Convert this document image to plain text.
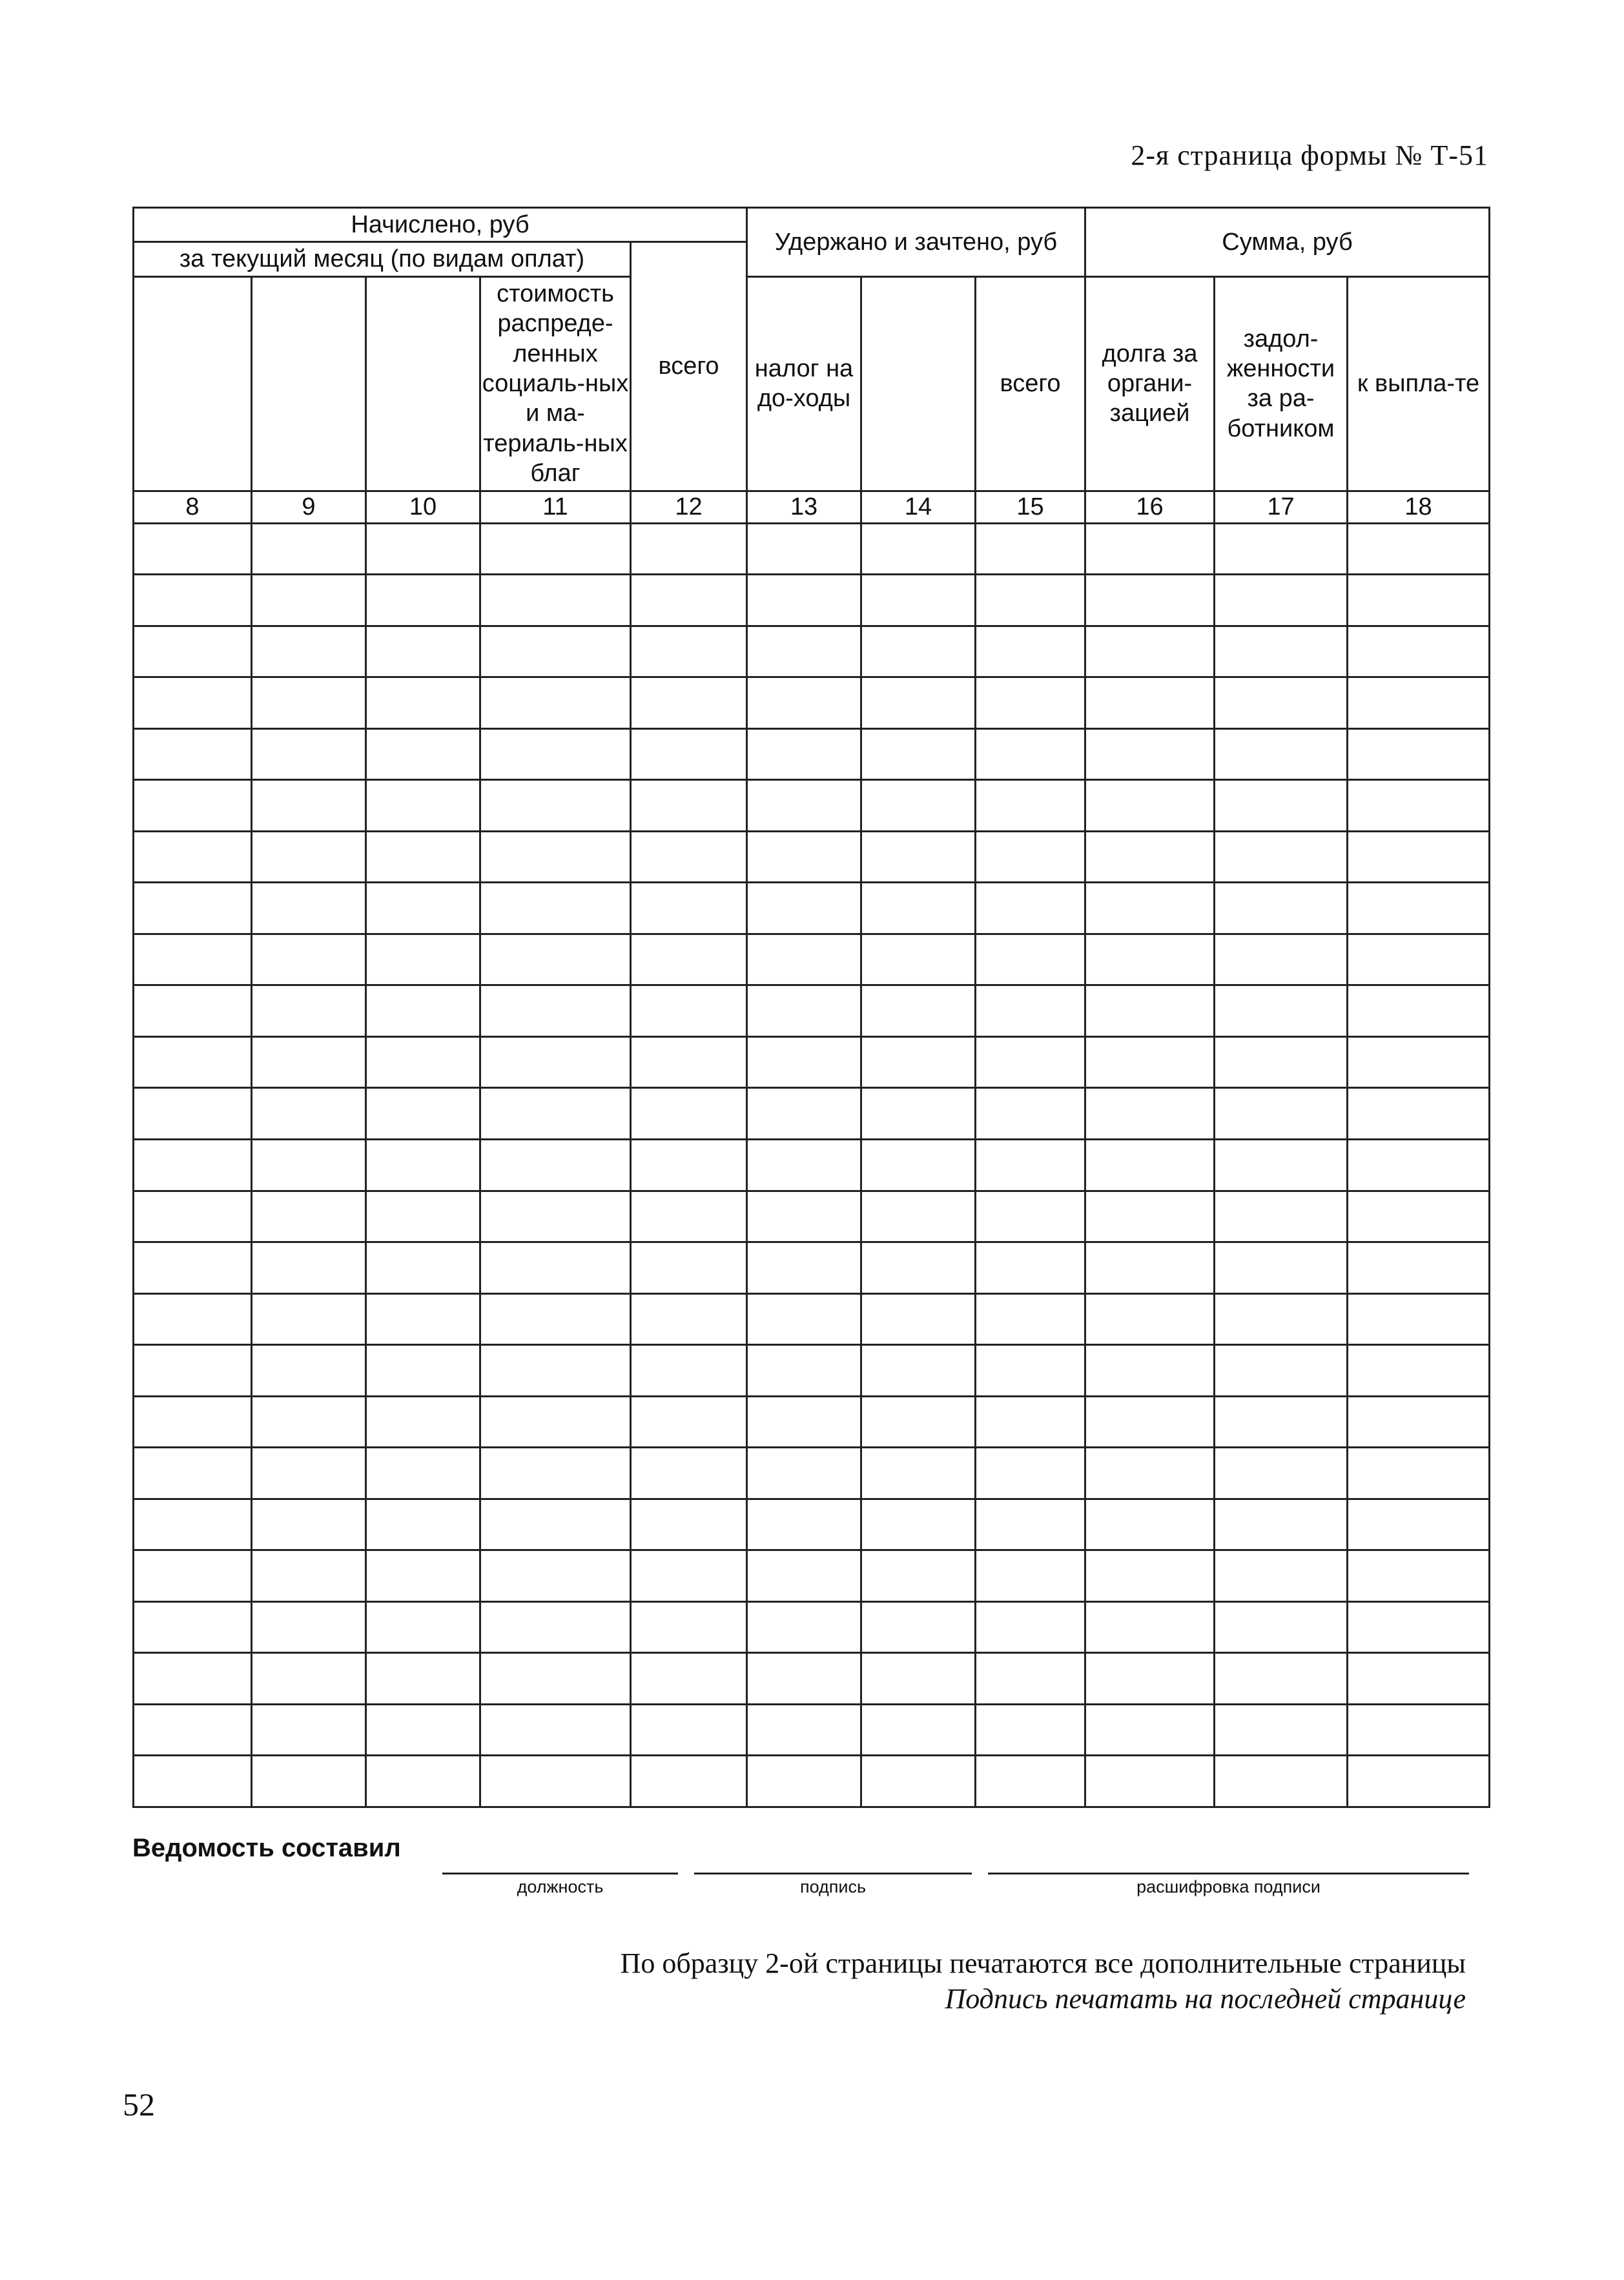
2-я страница формы № Т-51
Начислено, руб					Удержано и зачтено, руб			Сумма, руб		
за текущий месяц (по видам оплат)				всего						
			стоимость распреде-ленных социаль-ных и ма-териаль-ных благ		налог на до-ходы		всего	долга за органи-зацией	задол-женности за ра-ботником	к выпла-те
8	9	10	11	12	13	14	15	16	17	18

Ведомость составил
должность	подпись	расшифровка подписи
По образцу 2-ой страницы печатаются все дополнительные страницы
Подпись печатать на последней странице
52
